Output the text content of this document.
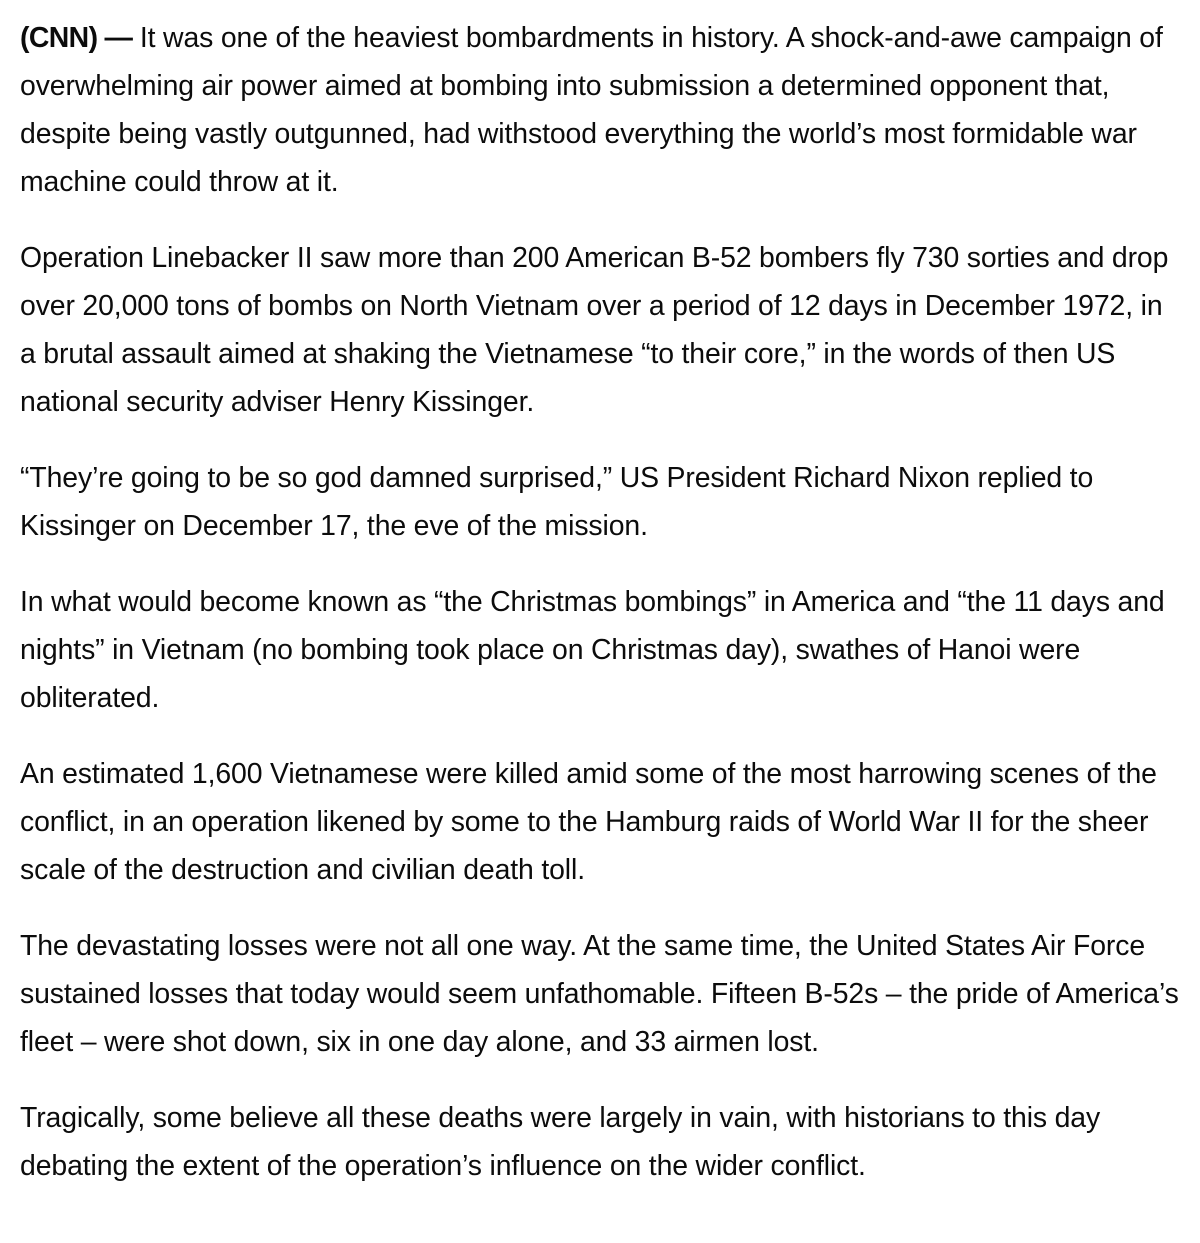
(CNN) — It was one of the heaviest bombardments in history. A shock-and-awe campaign of overwhelming air power aimed at bombing into submission a determined opponent that, despite being vastly outgunned, had withstood everything the world’s most formidable war machine could throw at it.

Operation Linebacker II saw more than 200 American B-52 bombers fly 730 sorties and drop over 20,000 tons of bombs on North Vietnam over a period of 12 days in December 1972, in a brutal assault aimed at shaking the Vietnamese “to their core,” in the words of then US national security adviser Henry Kissinger.

“They’re going to be so god damned surprised,” US President Richard Nixon replied to Kissinger on December 17, the eve of the mission.

In what would become known as “the Christmas bombings” in America and “the 11 days and nights” in Vietnam (no bombing took place on Christmas day), swathes of Hanoi were obliterated.

An estimated 1,600 Vietnamese were killed amid some of the most harrowing scenes of the conflict, in an operation likened by some to the Hamburg raids of World War II for the sheer scale of the destruction and civilian death toll.

The devastating losses were not all one way. At the same time, the United States Air Force sustained losses that today would seem unfathomable. Fifteen B-52s – the pride of America’s fleet – were shot down, six in one day alone, and 33 airmen lost.

Tragically, some believe all these deaths were largely in vain, with historians to this day debating the extent of the operation’s influence on the wider conflict.
